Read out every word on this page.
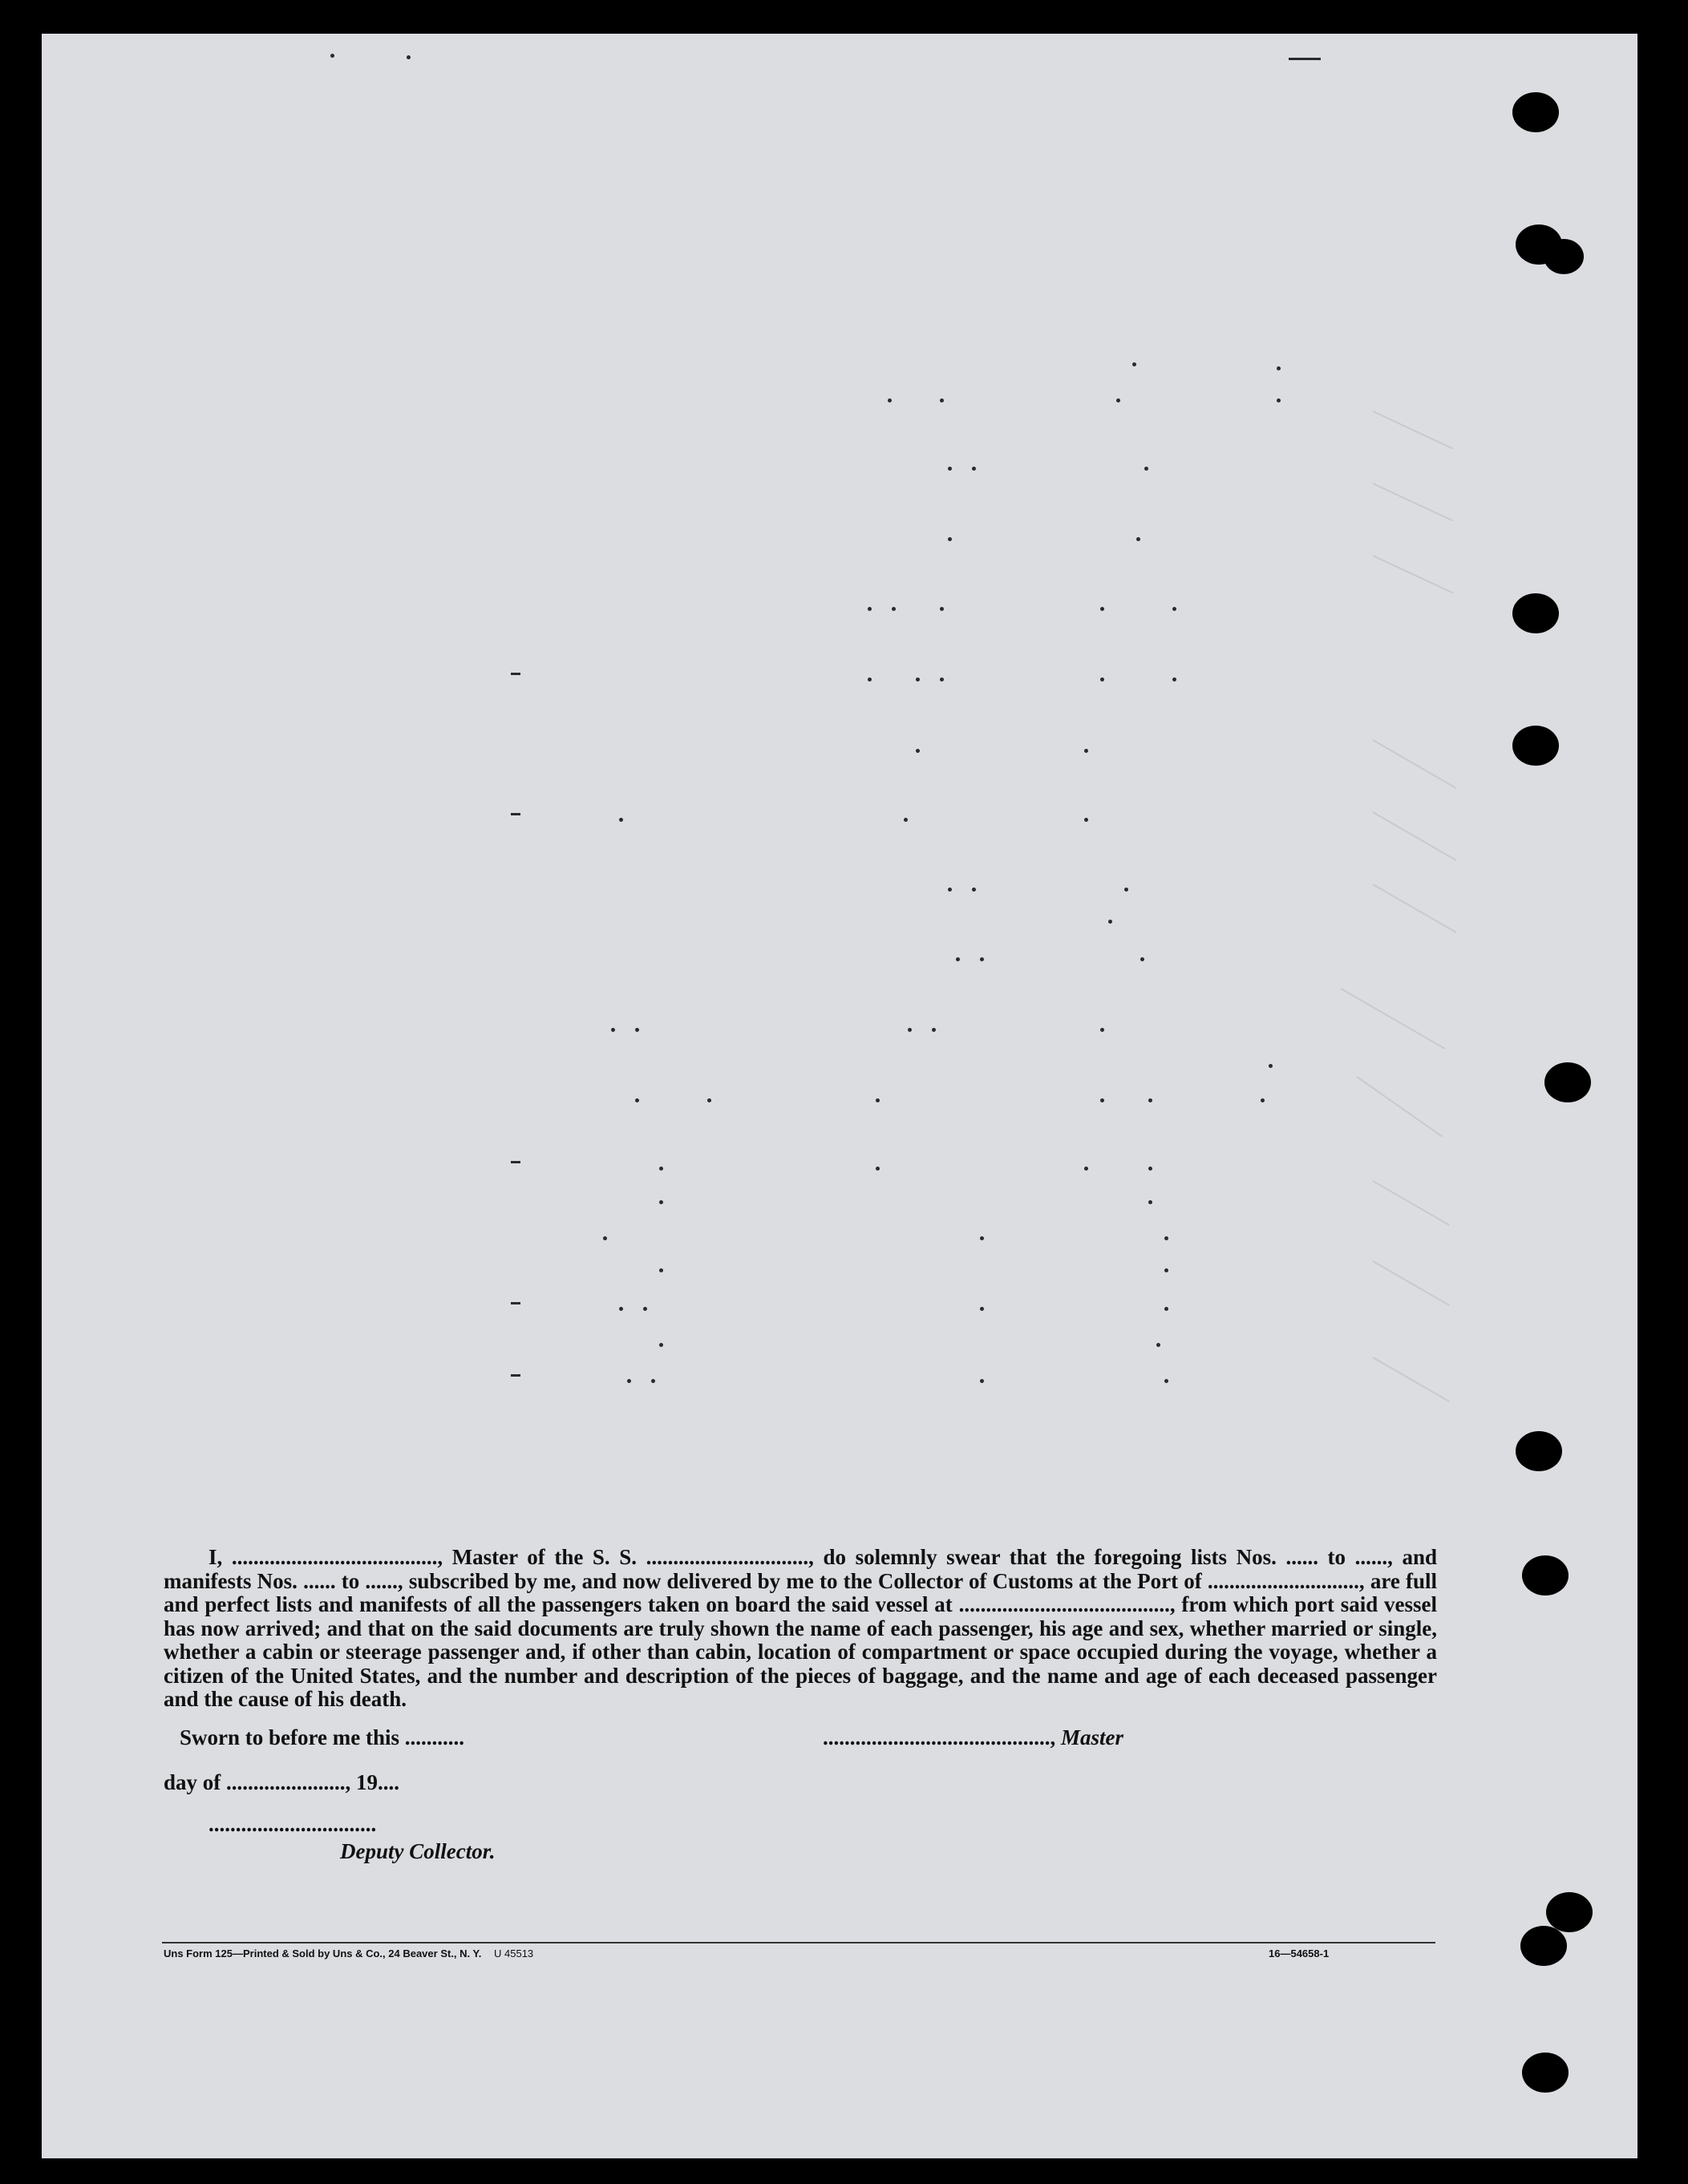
I, ......................................, Master of the S. S. .............................., do solemnly swear that the foregoing lists Nos. ...... to ......, and manifests Nos. ...... to ......, subscribed by me, and now delivered by me to the Collector of Customs at the Port of ............................, are full and perfect lists and manifests of all the passengers taken on board the said vessel at ......................................., from which port said vessel has now arrived; and that on the said documents are truly shown the name of each passenger, his age and sex, whether married or single, whether a cabin or steerage passenger and, if other than cabin, location of compartment or space occupied during the voyage, whether a citizen of the United States, and the number and description of the pieces of baggage, and the name and age of each deceased passenger and the cause of his death.

Sworn to before me this ...........	.........................................., Master
day of ......................, 19....
...............................
Deputy Collector.
Uns Form 125—Printed & Sold by Uns & Co., 24 Beaver St., N. Y. U 45513	16—54658-1
